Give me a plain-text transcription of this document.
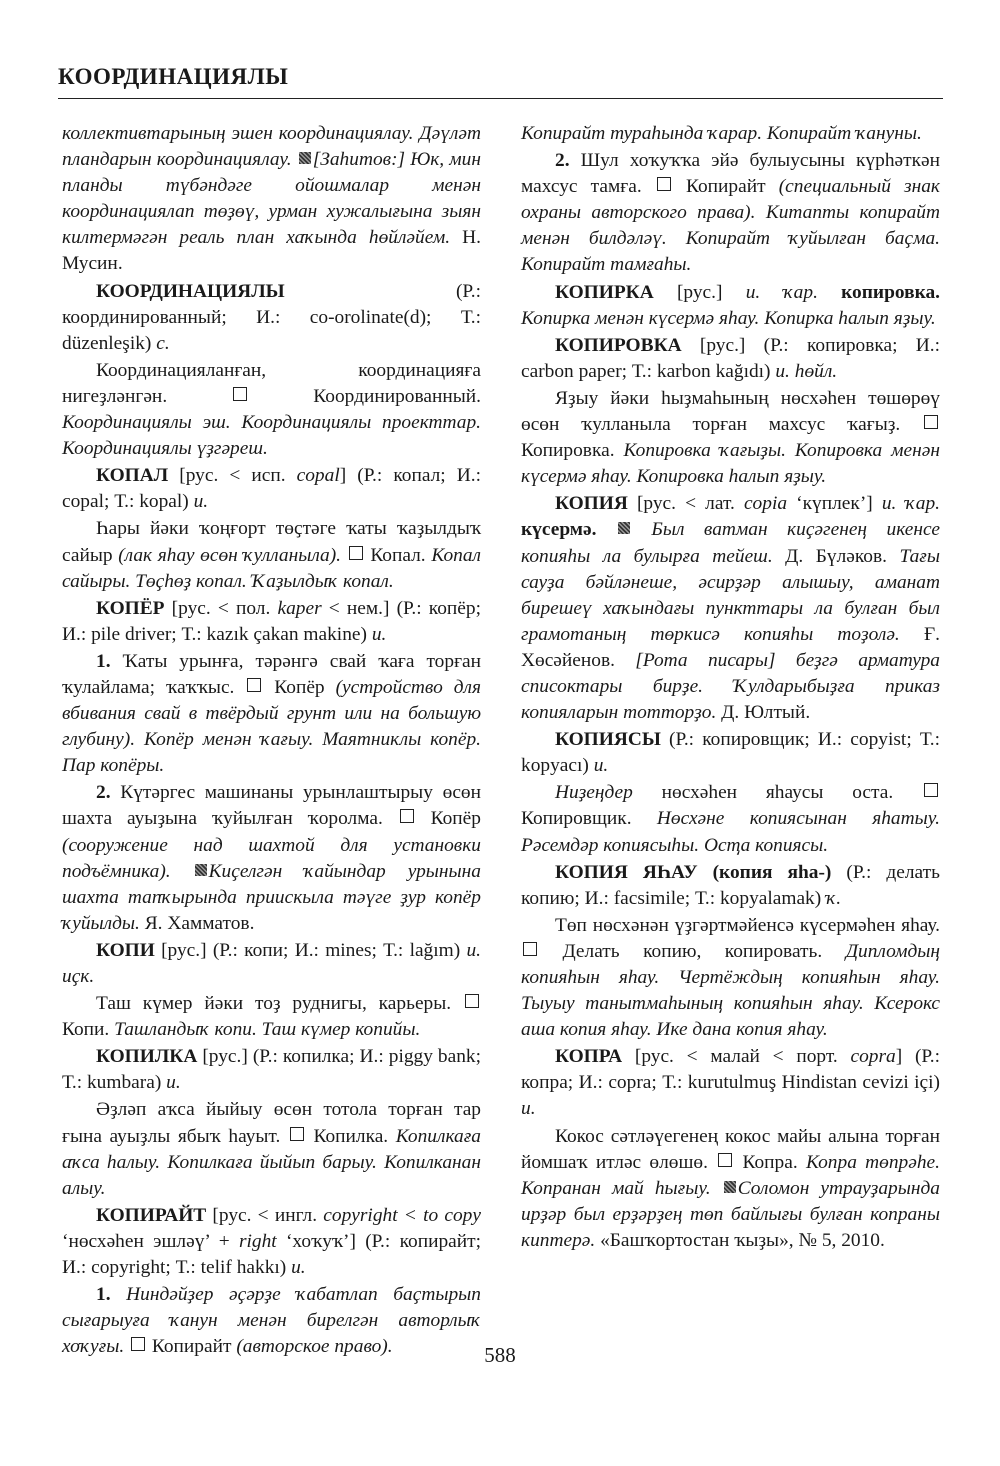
КООРДИНАЦИЯЛЫ

коллективтарының эшен координациялау. Дәүләт пландарын координациялау. [Заһитов:] Юк, мин планды түбәндәге ойошмалар менән координациялап төҙөү, урман хужалығына зыян килтермәгән реаль план хаҡында һөйләйем. Н. Мусин.

КООРДИНАЦИЯЛЫ (Р.: координированный; И.: co-orolinate(d); Т.: düzenleşik) с.

Координацияланған, координацияға нигеҙләнгән.  Координированный. Координациялы эш. Координациялы проекттар. Координациялы үҙгәреш.

КОПАЛ [рус. < исп. copal] (Р.: копал; И.: copal; Т.: kopal) и.

Һары йәки ҡоңғорт төҫтәге ҡаты ҡаҙылдыҡ сайыр (лак яһау өсөн ҡулланыла).  Копал. Копал сайыры. Төҫһөҙ копал. Ҡаҙылдыҡ копал.

КОПЁР [рус. < пол. kaper < нем.] (Р.: копёр; И.: pile driver; Т.: kazık çakan makine) и.

1. Ҡаты урынға, тәрәнгә свай ҡаға торған ҡулайлама; ҡаҡҡыс.  Копёр (устройство для вбивания свай в твёрдый грунт или на большую глубину). Копёр менән ҡағыу. Маятниклы копёр. Пар копёры.

2. Күтәргес машинаны урынлаштырыу өсөн шахта ауыҙына ҡуйылған ҡоролма.  Копёр (сооружение над шахтой для установки подъёмника). Киҫелгән ҡайындар урынына шахта тапҡырында приискыла тәүге ҙур копёр ҡуйылды. Я. Хамматов.

КОПИ [рус.] (Р.: копи; И.: mines; Т.: lağım) и. иҫк.

Таш күмер йәки тоҙ руднигы, карьеры.  Копи. Ташландыҡ копи. Таш күмер копийы.

КОПИЛКА [рус.] (Р.: копилка; И.: piggy bank; Т.: kumbara) и.

Әҙләп аҡса йыйыу өсөн тотола торған тар ғына ауыҙлы ябыҡ һауыт.  Копилка. Копилкаға аҡса һалыу. Копилкаға йыйып барыу. Копилканан алыу.

КОПИРАЙТ [рус. < ингл. copyright < to copy ‘нөсхәһен эшләү’ + right ‘хоҡуҡ’] (Р.: копирайт; И.: copyright; Т.: telif hakkı) и.

1. Ниндәйҙер әҫәрҙе ҡабатлап баҫтырып сығарыуға ҡанун менән бирелгән авторлыҡ хоҡуғы.  Копирайт (авторское право).

Копирайт тураһында ҡарар. Копирайт ҡануны.

2. Шул хоҡуҡҡа эйә булыусыны күрһәткән махсус тамға.  Копирайт (специальный знак охраны авторского права). Китапты копирайт менән билдәләү. Копирайт ҡуйылған баҫма. Копирайт тамғаһы.

КОПИРКА [рус.] и. ҡар. копировка. Копирка менән күсермә яһау. Копирка һалып яҙыу.

КОПИРОВКА [рус.] (Р.: копировка; И.: carbon paper; Т.: karbon kağıdı) и. һөйл.

Яҙыу йәки һыҙмаһының нөсхәһен төшөрөү өсөн ҡулланыла торған махсус ҡағыҙ.  Копировка. Копировка ҡағыҙы. Копировка менән күсермә яһау. Копировка һалып яҙыу.

КОПИЯ [рус. < лат. copia ‘күплек’] и. ҡар. күсермә.	Был ватман киҫәгенең икенсе копияһы ла булырға тейеш. Д. Бүләков. Тағы сауҙа бәйләнеше, әсирҙәр алышыу, аманат бирешеү хаҡындағы пункттары ла булған был грамотаның төркисә копияһы тоҙолә. Ғ. Хөсәйенов. [Рота писары] беҙгә арматура списоктары бирҙе. Ҡулдарыбыҙға приказ копияларын тотторҙо. Д. Юлтый.

КОПИЯСЫ (Р.: копировщик; И.: copyist; Т.: kopyacı) и.

Ниҙеңдер нөсхәһен яһаусы оста.  Копировщик. Нөсхәне копиясынан яһатыу. Рәсемдәр копиясыһы. Осҭа копиясы.

КОПИЯ ЯҺАУ (копия яһа-) (Р.: делать копию; И.: facsimile; Т.: kopyalamak) ҡ.

Төп нөсхәнән үҙгәртмәйенсә күсермәһен яһау.  Делать копию, копировать. Дипломдың копияһын яһау. Чертёждың копияһын яһау. Тыуыу танытмаһының копияһын яһау. Ксерокс аша копия яһау. Ике дана копия яһау.

КОПРА [рус. < малай < порт. copra] (Р.: копра; И.: copra; Т.: kurutulmuş Hindistan cevizi içi) и.

Кокос сәтләүегенең кокос майы алына торған йомшаҡ итләс өлөшө.  Копра. Копра төпрәһе. Копранан май һығыу. Соломон утрауҙарында ирҙәр был ерҙәрҙең төп байлығы булған копраны киптерә. «Башҡортостан ҡыҙы», № 5, 2010.

588
